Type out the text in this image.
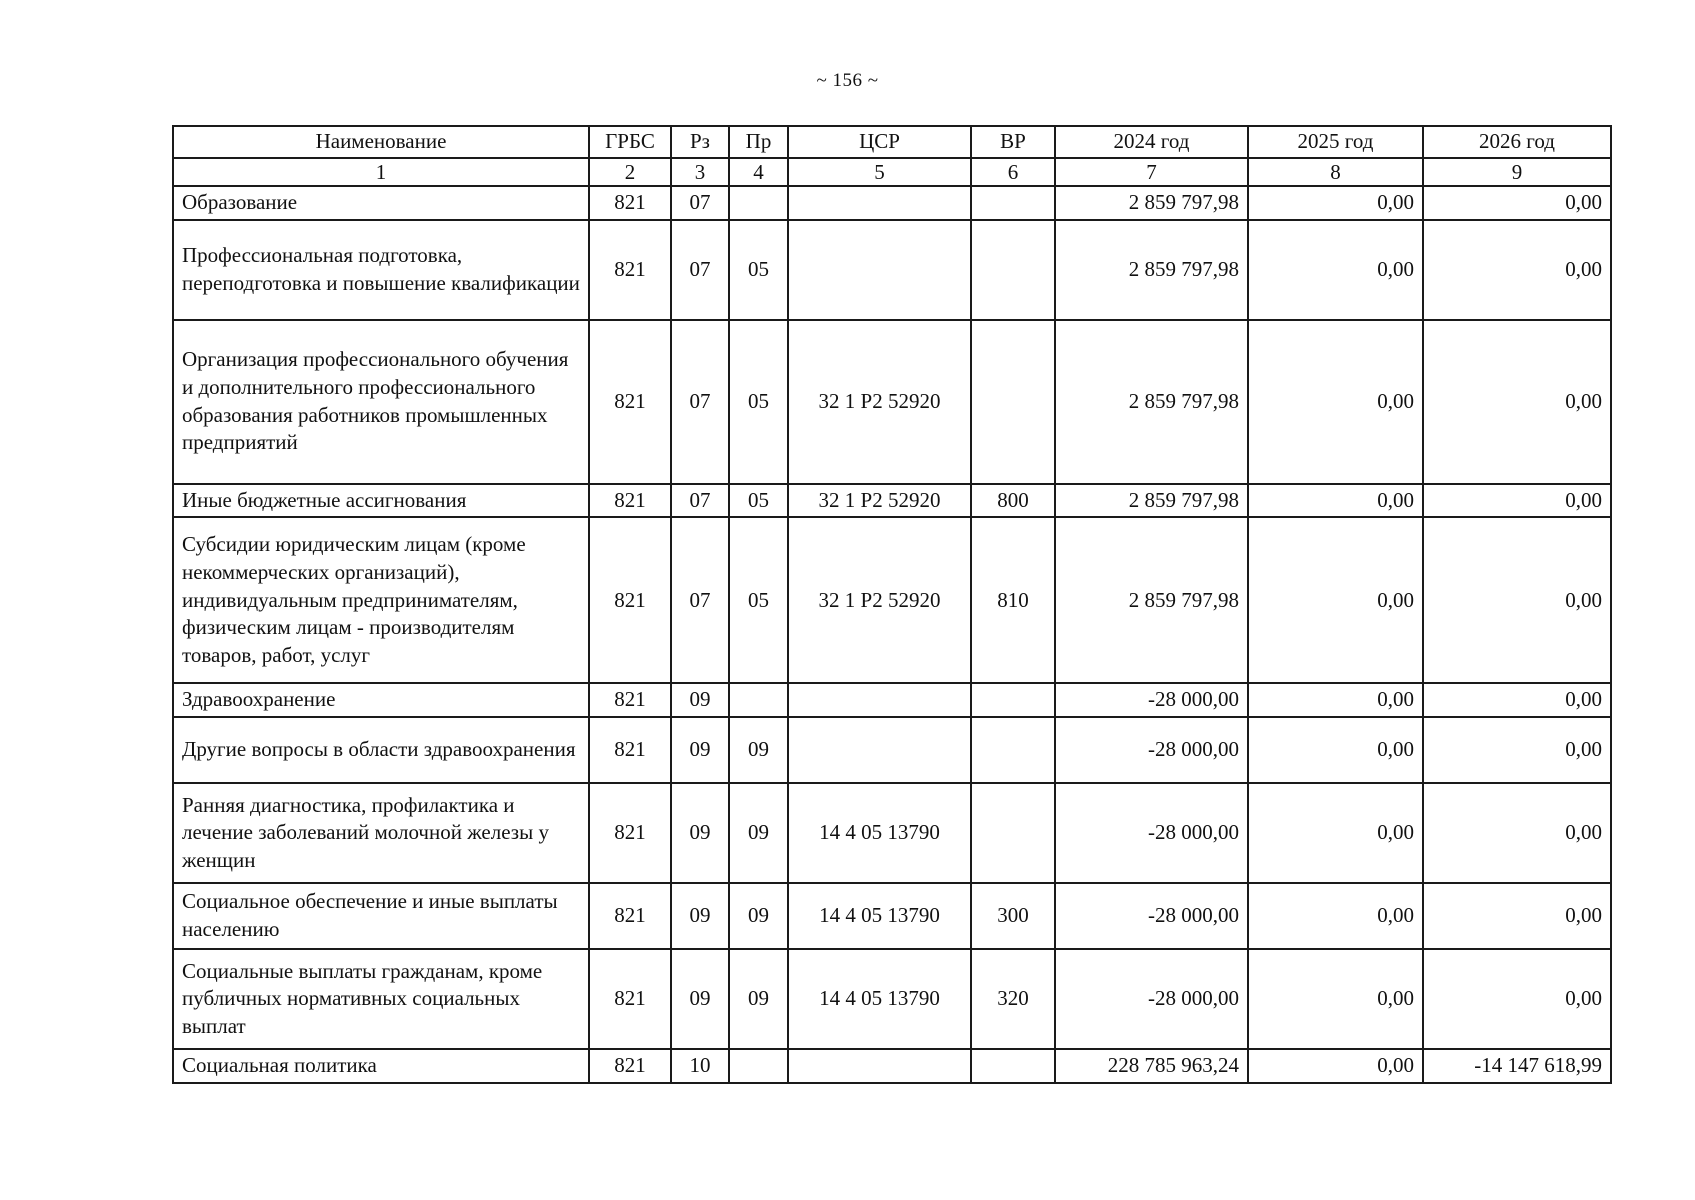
~ 156 ~
Наименование	ГРБС	Рз	Пр	ЦСР	ВР	2024 год	2025 год	2026 год
1	2	3	4	5	6	7	8	9
Образование	821	07				2 859 797,98	0,00	0,00
Профессиональная подготовка, переподготовка и повышение квалификации	821	07	05			2 859 797,98	0,00	0,00
Организация профессионального обучения и дополнительного профессионального образования работников промышленных предприятий	821	07	05	32 1 P2 52920		2 859 797,98	0,00	0,00
Иные бюджетные ассигнования	821	07	05	32 1 P2 52920	800	2 859 797,98	0,00	0,00
Субсидии юридическим лицам (кроме некоммерческих организаций), индивидуальным предпринимателям, физическим лицам - производителям товаров, работ, услуг	821	07	05	32 1 P2 52920	810	2 859 797,98	0,00	0,00
Здравоохранение	821	09				-28 000,00	0,00	0,00
Другие вопросы в области здравоохранения	821	09	09			-28 000,00	0,00	0,00
Ранняя диагностика, профилактика и лечение заболеваний молочной железы у женщин	821	09	09	14 4 05 13790		-28 000,00	0,00	0,00
Социальное обеспечение и иные выплаты населению	821	09	09	14 4 05 13790	300	-28 000,00	0,00	0,00
Социальные выплаты гражданам, кроме публичных нормативных социальных выплат	821	09	09	14 4 05 13790	320	-28 000,00	0,00	0,00
Социальная политика	821	10				228 785 963,24	0,00	-14 147 618,99
